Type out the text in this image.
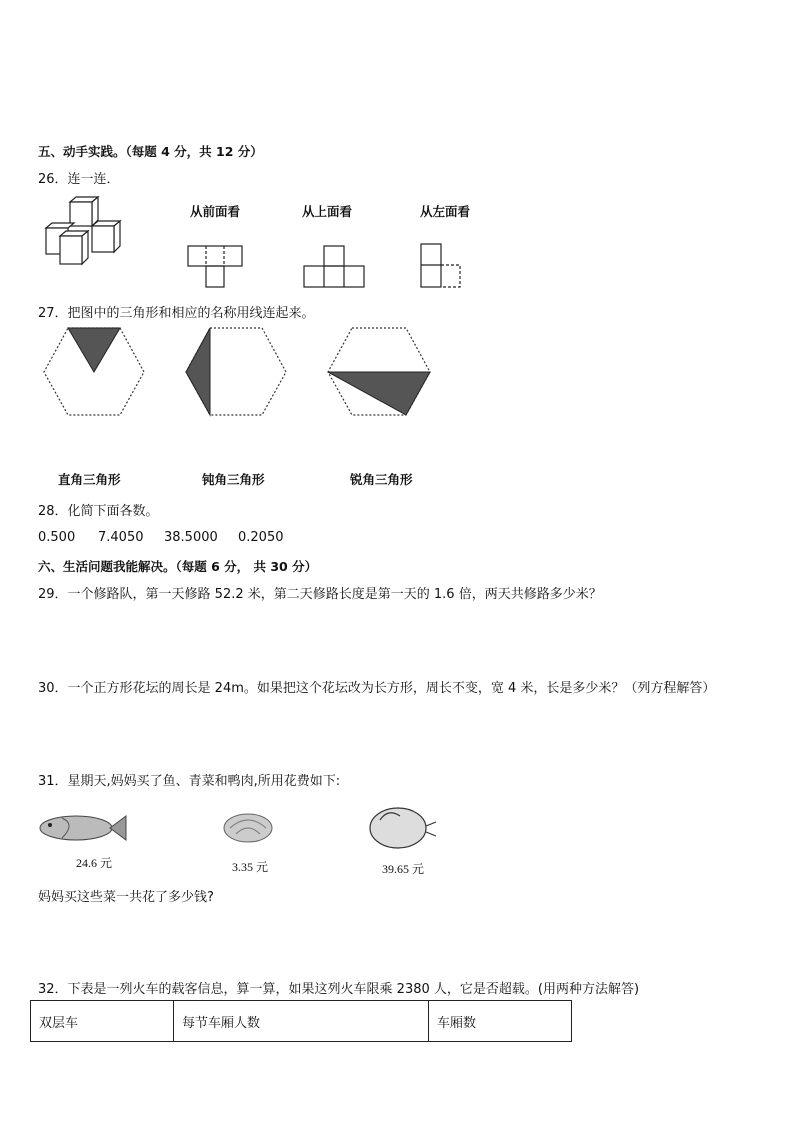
五、动手实践。（每题 4 分，共 12 分）
26．连一连．
从前面看	从上面看	从左面看
27．把图中的三角形和相应的名称用线连起来。
直角三角形	钝角三角形	锐角三角形
28．化简下面各数。
0.500 7.4050 38.5000 0.2050
六、生活问题我能解决。（每题 6 分， 共 30 分）
29．一个修路队，第一天修路 52.2 米，第二天修路长度是第一天的 1.6 倍，两天共修路多少米？
30．一个正方形花坛的周长是 24m。如果把这个花坛改为长方形，周长不变，宽 4 米，长是多少米？（列方程解答）
31．星期天,妈妈买了鱼、青菜和鸭肉,所用花费如下:
24.6 元	3.35 元	39.65 元
妈妈买这些菜一共花了多少钱?
32．下表是一列火车的载客信息，算一算，如果这列火车限乘 2380 人，它是否超载。(用两种方法解答)
双层车	每节车厢人数	车厢数
